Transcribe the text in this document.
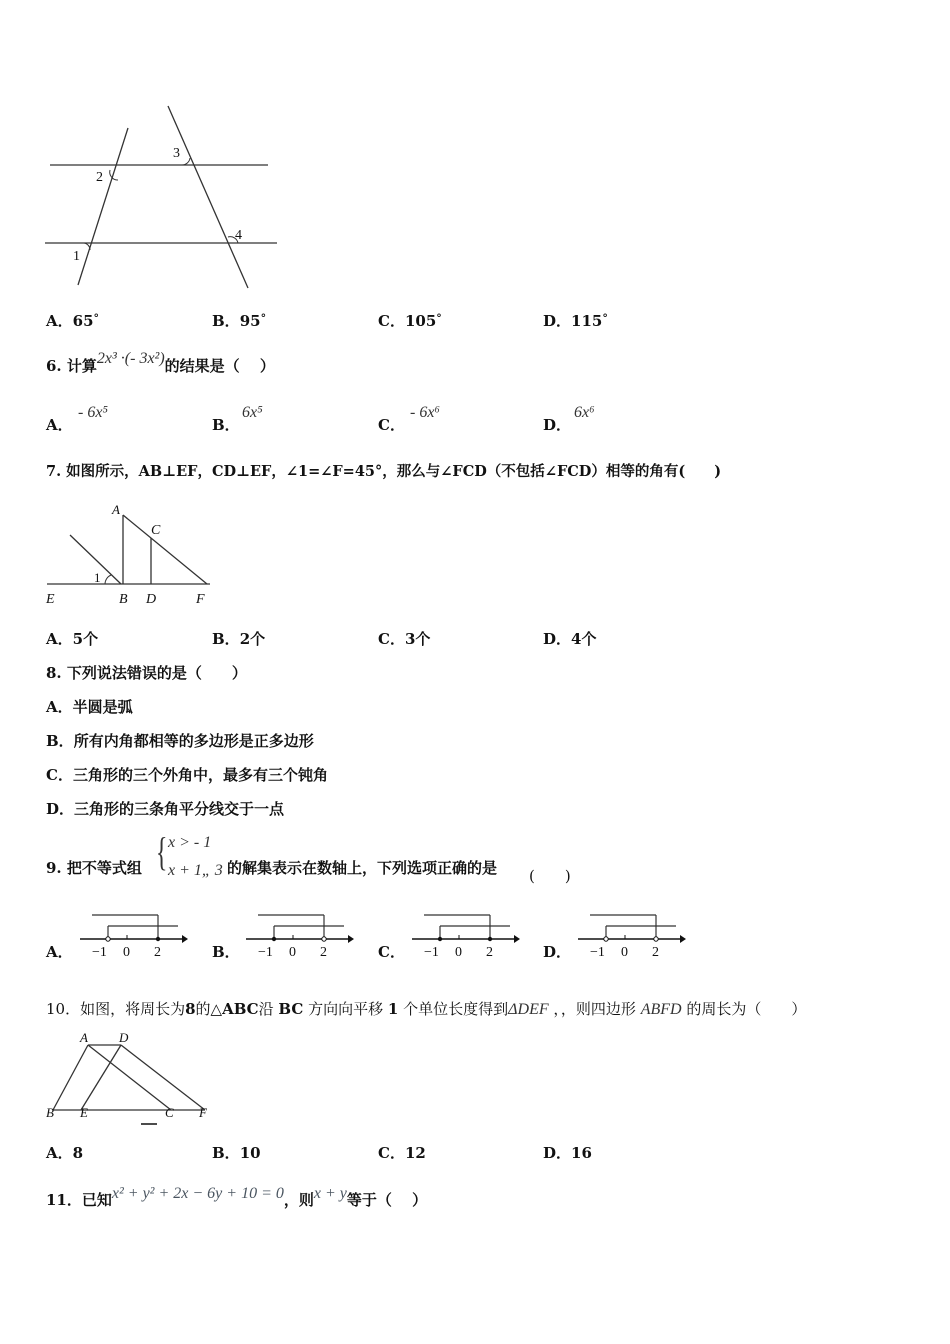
2
3
1
4
A．65°	B．95°	C．105°	D．115°
6. 计算2x³ ·(- 3x²)的结果是（　 ）
A．
- 6x⁵
B．
6x⁵
C．
- 6x⁶
D．
6x⁶
7. 如图所示，AB⊥EF，CD⊥EF，∠1=∠F=45°，那么与∠FCD（不包括∠FCD）相等的角有(　　)
A
C
1
E	B D	F
A．5个	B．2个	C．3个	D．4个
8. 下列说法错误的是（　　）
A．半圆是弧
B．所有内角都相等的多边形是正多边形
C．三角形的三个外角中，最多有三个钝角
D．三角形的三条角平分线交于一点
9. 把不等式组 { x > - 1
x + 1„ 3 的解集表示在数轴上，下列选项正确的是 (　　)
−1 0 2
A．	−1 0 2
B．	−1 0 2
C．	−1 0 2
D．
10．如图，将周长为8的△ABC沿 BC 方向向平移 1 个单位长度得到ΔDEF ，，则四边形 ABFD 的周长为（　　）
A D
B E	C F
A．8	B．10	C．12	D．16
11．已知x² + y² + 2x − 6y + 10 = 0，则x + y等于（　 ）
